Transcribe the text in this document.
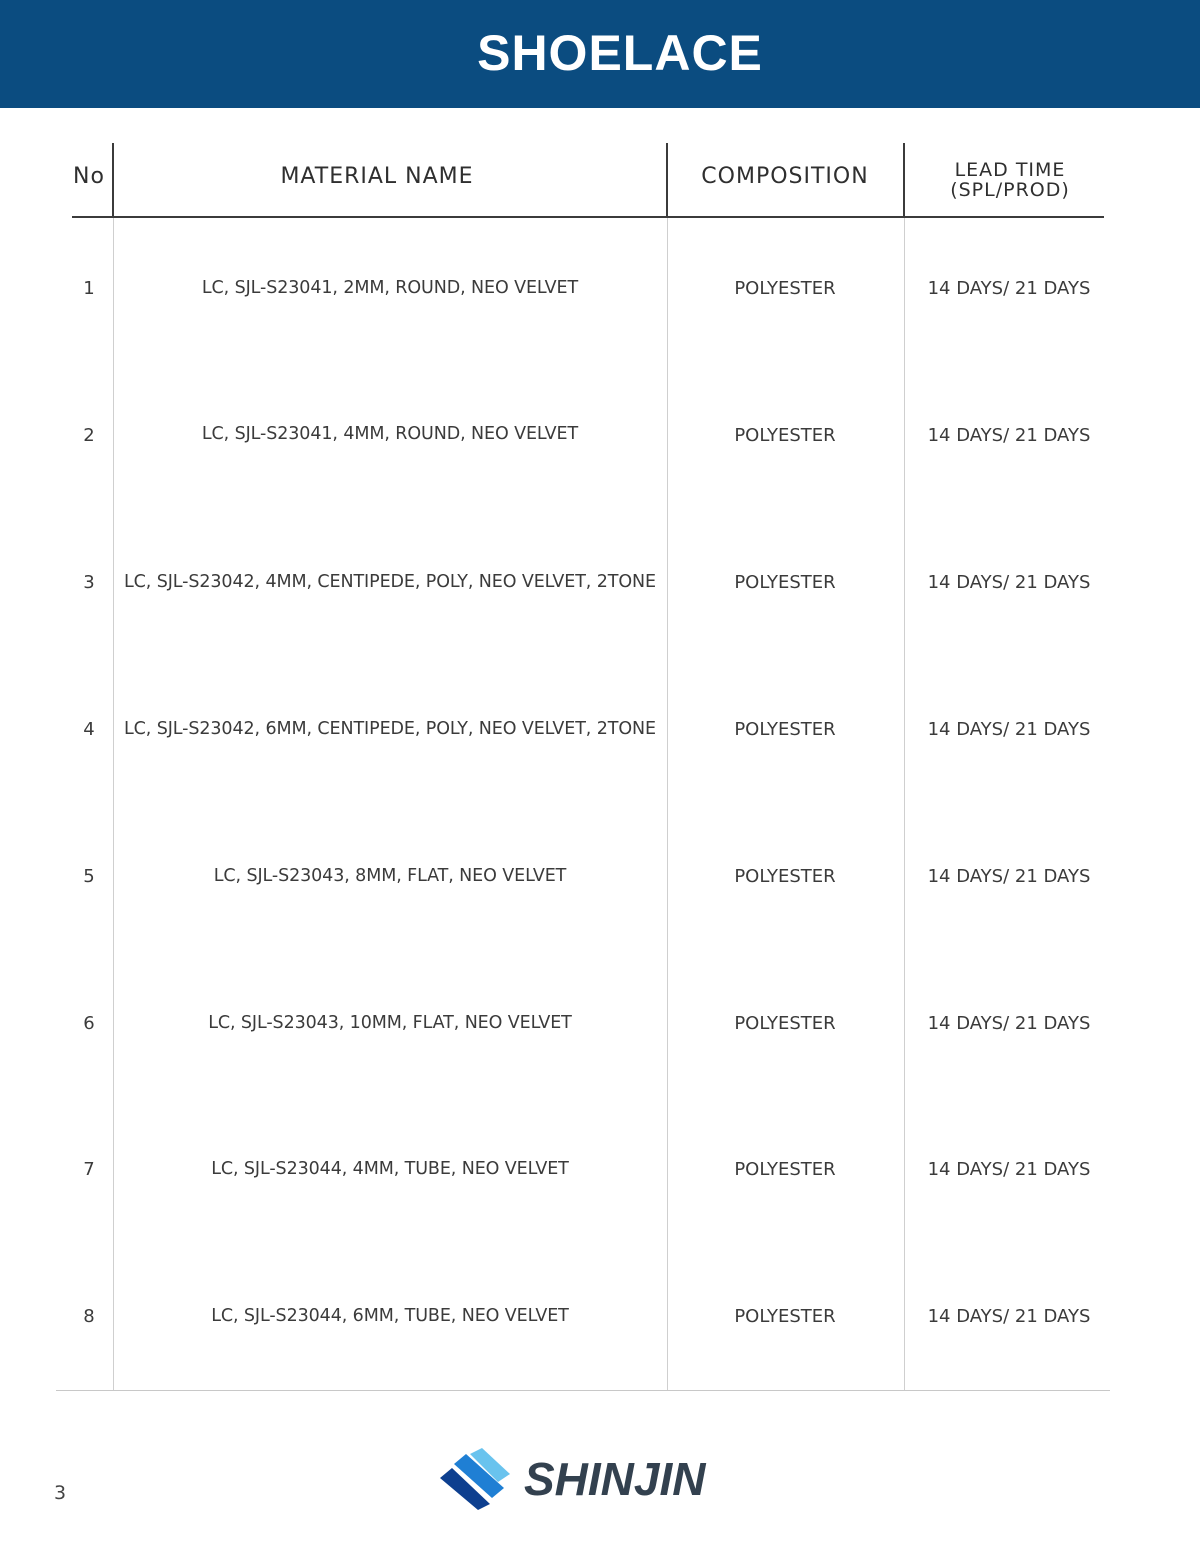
SHOELACE
No	MATERIAL NAME	COMPOSITION	LEAD TIME
(SPL/PROD)
1	LC, SJL-S23041, 2MM, ROUND, NEO VELVET	POLYESTER	14 DAYS/ 21 DAYS
2	LC, SJL-S23041, 4MM, ROUND, NEO VELVET	POLYESTER	14 DAYS/ 21 DAYS
3	LC, SJL-S23042, 4MM, CENTIPEDE, POLY, NEO VELVET, 2TONE	POLYESTER	14 DAYS/ 21 DAYS
4	LC, SJL-S23042, 6MM, CENTIPEDE, POLY, NEO VELVET, 2TONE	POLYESTER	14 DAYS/ 21 DAYS
5	LC, SJL-S23043, 8MM, FLAT, NEO VELVET	POLYESTER	14 DAYS/ 21 DAYS
6	LC, SJL-S23043, 10MM, FLAT, NEO VELVET	POLYESTER	14 DAYS/ 21 DAYS
7	LC, SJL-S23044, 4MM, TUBE, NEO VELVET	POLYESTER	14 DAYS/ 21 DAYS
8	LC, SJL-S23044, 6MM, TUBE, NEO VELVET	POLYESTER	14 DAYS/ 21 DAYS
3	SHINJIN
